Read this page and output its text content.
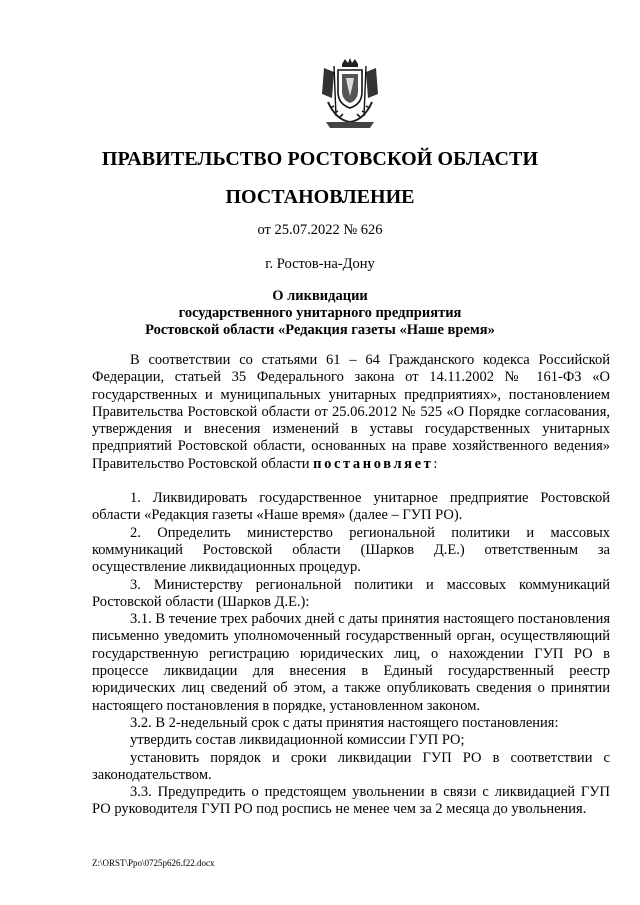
ПРАВИТЕЛЬСТВО РОСТОВСКОЙ ОБЛАСТИ
ПОСТАНОВЛЕНИЕ
от 25.07.2022 № 626
г. Ростов-на-Дону
О ликвидации
государственного унитарного предприятия
Ростовской области «Редакция газеты «Наше время»

В соответствии со статьями 61 – 64 Гражданского кодекса Российской Федерации, статьей 35 Федерального закона от 14.11.2002 № 161-ФЗ «О государственных и муниципальных унитарных предприятиях», постановлением Правительства Ростовской области от 25.06.2012 № 525 «О Порядке согласования, утверждения и внесения изменений в уставы государственных унитарных предприятий Ростовской области, основанных на праве хозяйственного ведения» Правительство Ростовской области постановляет:

1. Ликвидировать государственное унитарное предприятие Ростовской области «Редакция газеты «Наше время» (далее – ГУП РО).

2. Определить министерство региональной политики и массовых коммуникаций Ростовской области (Шарков Д.Е.) ответственным за осуществление ликвидационных процедур.

3. Министерству региональной политики и массовых коммуникаций Ростовской области (Шарков Д.Е.):

3.1. В течение трех рабочих дней с даты принятия настоящего постановления письменно уведомить уполномоченный государственный орган, осуществляющий государственную регистрацию юридических лиц, о нахождении ГУП РО в процессе ликвидации для внесения в Единый государственный реестр юридических лиц сведений об этом, а также опубликовать сведения о принятии настоящего постановления в порядке, установленном законом.

3.2. В 2-недельный срок с даты принятия настоящего постановления:

утвердить состав ликвидационной комиссии ГУП РО;

установить порядок и сроки ликвидации ГУП РО в соответствии с законодательством.

3.3. Предупредить о предстоящем увольнении в связи с ликвидацией ГУП РО руководителя ГУП РО под роспись не менее чем за 2 месяца до увольнения.

Z:\ORST\Ppo\0725p626.f22.docx
